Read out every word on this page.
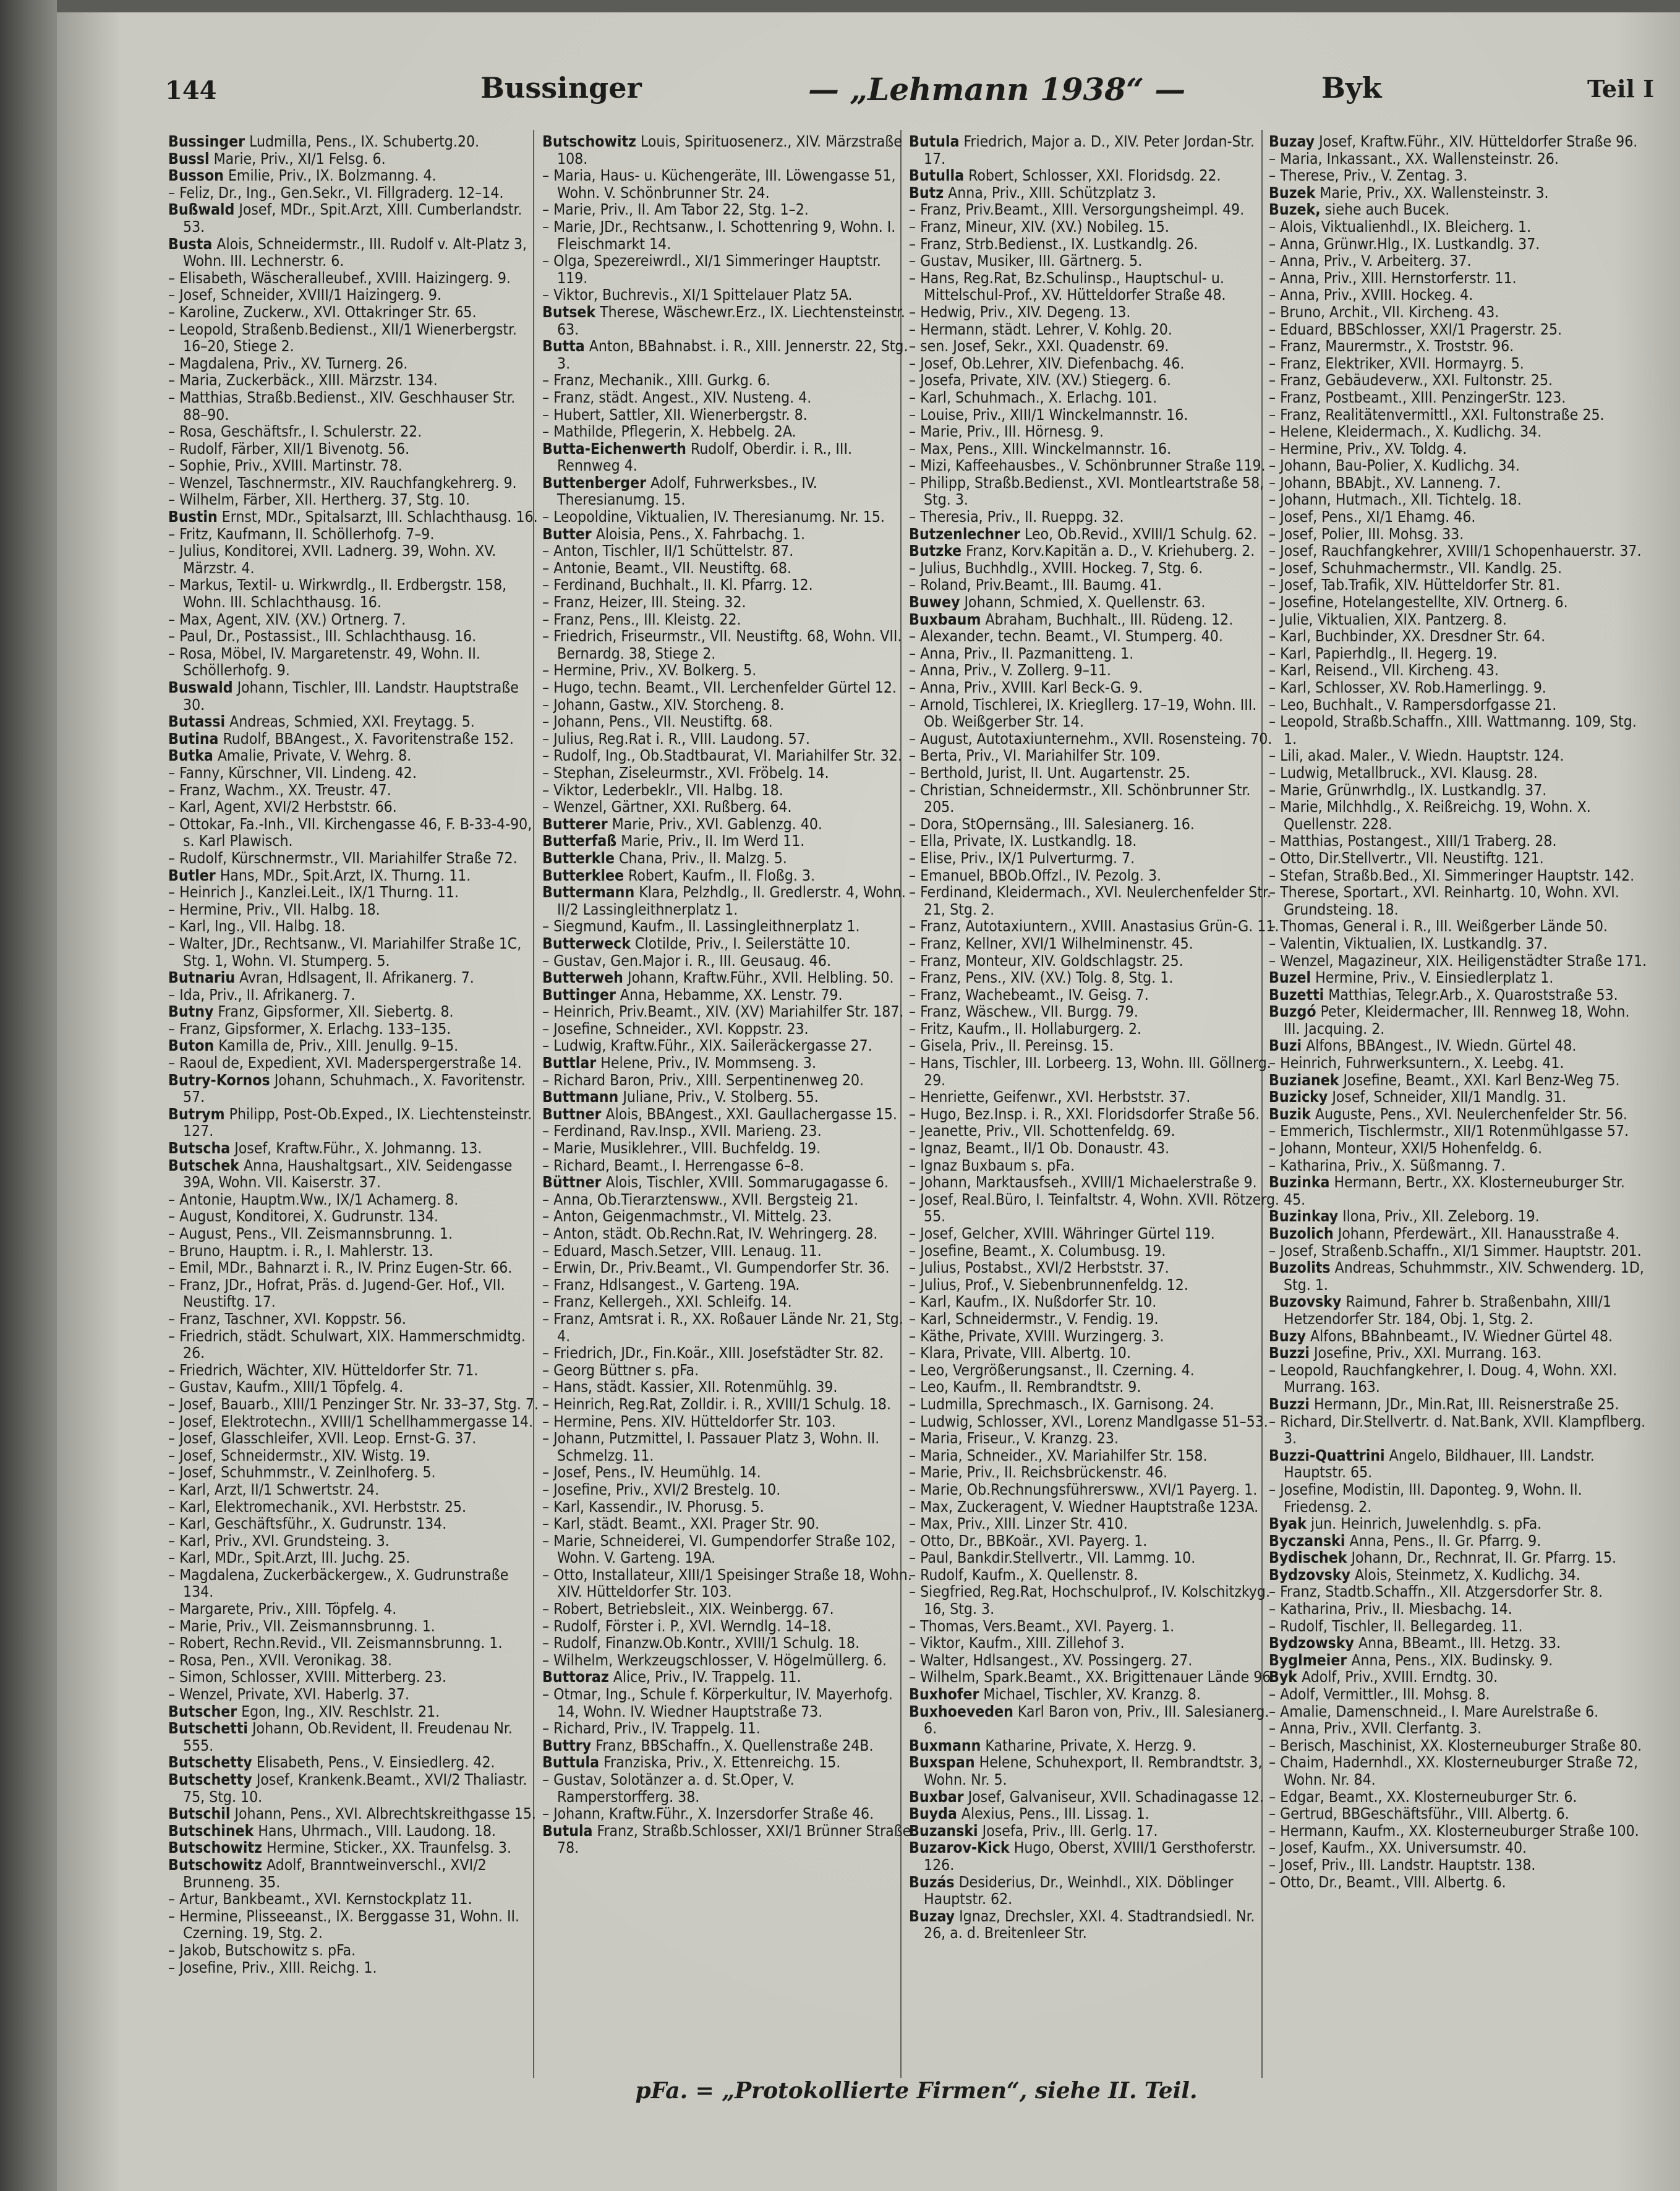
144	Bussinger	— „Lehmann 1938“ —	Byk	Teil I

Bussinger Ludmilla, Pens., IX. Schubertg.20.

Bussl Marie, Priv., XI/1 Felsg. 6.

Busson Emilie, Priv., IX. Bolzmanng. 4.

– Feliz, Dr., Ing., Gen.Sekr., VI. Fillgraderg. 12–14.

Bußwald Josef, MDr., Spit.Arzt, XIII. Cumberlandstr. 53.

Busta Alois, Schneidermstr., III. Rudolf v. Alt-Platz 3, Wohn. III. Lechnerstr. 6.

– Elisabeth, Wäscheralleubef., XVIII. Haizingerg. 9.

– Josef, Schneider, XVIII/1 Haizingerg. 9.

– Karoline, Zuckerw., XVI. Ottakringer Str. 65.

– Leopold, Straßenb.Bedienst., XII/1 Wienerbergstr. 16–20, Stiege 2.

– Magdalena, Priv., XV. Turnerg. 26.

– Maria, Zuckerbäck., XIII. Märzstr. 134.

– Matthias, Straßb.Bedienst., XIV. Geschhauser Str. 88–90.

– Rosa, Geschäftsfr., I. Schulerstr. 22.

– Rudolf, Färber, XII/1 Bivenotg. 56.

– Sophie, Priv., XVIII. Martinstr. 78.

– Wenzel, Taschnermstr., XIV. Rauchfangkehrerg. 9.

– Wilhelm, Färber, XII. Hertherg. 37, Stg. 10.

Bustin Ernst, MDr., Spitalsarzt, III. Schlachthausg. 16.

– Fritz, Kaufmann, II. Schöllerhofg. 7–9.

– Julius, Konditorei, XVII. Ladnerg. 39, Wohn. XV. Märzstr. 4.

– Markus, Textil- u. Wirkwrdlg., II. Erdbergstr. 158, Wohn. III. Schlachthausg. 16.

– Max, Agent, XIV. (XV.) Ortnerg. 7.

– Paul, Dr., Postassist., III. Schlachthausg. 16.

– Rosa, Möbel, IV. Margaretenstr. 49, Wohn. II. Schöllerhofg. 9.

Buswald Johann, Tischler, III. Landstr. Hauptstraße 30.

Butassi Andreas, Schmied, XXI. Freytagg. 5.

Butina Rudolf, BBAngest., X. Favoritenstraße 152.

Butka Amalie, Private, V. Wehrg. 8.

– Fanny, Kürschner, VII. Lindeng. 42.

– Franz, Wachm., XX. Treustr. 47.

– Karl, Agent, XVI/2 Herbststr. 66.

– Ottokar, Fa.-Inh., VII. Kirchengasse 46, F. B-33-4-90, s. Karl Plawisch.

– Rudolf, Kürschnermstr., VII. Mariahilfer Straße 72.

Butler Hans, MDr., Spit.Arzt, IX. Thurng. 11.

– Heinrich J., Kanzlei.Leit., IX/1 Thurng. 11.

– Hermine, Priv., VII. Halbg. 18.

– Karl, Ing., VII. Halbg. 18.

– Walter, JDr., Rechtsanw., VI. Mariahilfer Straße 1C, Stg. 1, Wohn. VI. Stumperg. 5.

Butnariu Avran, Hdlsagent, II. Afrikanerg. 7.

– Ida, Priv., II. Afrikanerg. 7.

Butny Franz, Gipsformer, XII. Siebertg. 8.

– Franz, Gipsformer, X. Erlachg. 133–135.

Buton Kamilla de, Priv., XIII. Jenullg. 9–15.

– Raoul de, Expedient, XVI. Maderspergerstraße 14.

Butry-Kornos Johann, Schuhmach., X. Favoritenstr. 57.

Butrym Philipp, Post-Ob.Exped., IX. Liechtensteinstr. 127.

Butscha Josef, Kraftw.Führ., X. Johmanng. 13.

Butschek Anna, Haushaltgsart., XIV. Seidengasse 39A, Wohn. VII. Kaiserstr. 37.

– Antonie, Hauptm.Ww., IX/1 Achamerg. 8.

– August, Konditorei, X. Gudrunstr. 134.

– August, Pens., VII. Zeismannsbrunng. 1.

– Bruno, Hauptm. i. R., I. Mahlerstr. 13.

– Emil, MDr., Bahnarzt i. R., IV. Prinz Eugen-Str. 66.

– Franz, JDr., Hofrat, Präs. d. Jugend-Ger. Hof., VII. Neustiftg. 17.

– Franz, Taschner, XVI. Koppstr. 56.

– Friedrich, städt. Schulwart, XIX. Hammerschmidtg. 26.

– Friedrich, Wächter, XIV. Hütteldorfer Str. 71.

– Gustav, Kaufm., XIII/1 Töpfelg. 4.

– Josef, Bauarb., XIII/1 Penzinger Str. Nr. 33–37, Stg. 7.

– Josef, Elektrotechn., XVIII/1 Schellhammergasse 14.

– Josef, Glasschleifer, XVII. Leop. Ernst-G. 37.

– Josef, Schneidermstr., XIV. Wistg. 19.

– Josef, Schuhmmstr., V. Zeinlhoferg. 5.

– Karl, Arzt, II/1 Schwertstr. 24.

– Karl, Elektromechanik., XVI. Herbststr. 25.

– Karl, Geschäftsführ., X. Gudrunstr. 134.

– Karl, Priv., XVI. Grundsteing. 3.

– Karl, MDr., Spit.Arzt, III. Juchg. 25.

– Magdalena, Zuckerbäckergew., X. Gudrunstraße 134.

– Margarete, Priv., XIII. Töpfelg. 4.

– Marie, Priv., VII. Zeismannsbrunng. 1.

– Robert, Rechn.Revid., VII. Zeismannsbrunng. 1.

– Rosa, Pen., XVII. Veronikag. 38.

– Simon, Schlosser, XVIII. Mitterberg. 23.

– Wenzel, Private, XVI. Haberlg. 37.

Butscher Egon, Ing., XIV. Reschlstr. 21.

Butschetti Johann, Ob.Revident, II. Freudenau Nr. 555.

Butschetty Elisabeth, Pens., V. Einsiedlerg. 42.

Butschetty Josef, Krankenk.Beamt., XVI/2 Thaliastr. 75, Stg. 10.

Butschil Johann, Pens., XVI. Albrechtskreithgasse 15.

Butschinek Hans, Uhrmach., VIII. Laudong. 18.

Butschowitz Hermine, Sticker., XX. Traunfelsg. 3.

Butschowitz Adolf, Branntweinverschl., XVI/2 Brunneng. 35.

– Artur, Bankbeamt., XVI. Kernstockplatz 11.

– Hermine, Plisseeanst., IX. Berggasse 31, Wohn. II. Czerning. 19, Stg. 2.

– Jakob, Butschowitz s. pFa.

– Josefine, Priv., XIII. Reichg. 1.

Butschowitz Louis, Spirituosenerz., XIV. Märzstraße 108.

– Maria, Haus- u. Küchengeräte, III. Löwengasse 51, Wohn. V. Schönbrunner Str. 24.

– Marie, Priv., II. Am Tabor 22, Stg. 1–2.

– Marie, JDr., Rechtsanw., I. Schottenring 9, Wohn. I. Fleischmarkt 14.

– Olga, Spezereiwrdl., XI/1 Simmeringer Hauptstr. 119.

– Viktor, Buchrevis., XI/1 Spittelauer Platz 5A.

Butsek Therese, Wäschewr.Erz., IX. Liechtensteinstr. 63.

Butta Anton, BBahnabst. i. R., XIII. Jennerstr. 22, Stg. 3.

– Franz, Mechanik., XIII. Gurkg. 6.

– Franz, städt. Angest., XIV. Nusteng. 4.

– Hubert, Sattler, XII. Wienerbergstr. 8.

– Mathilde, Pflegerin, X. Hebbelg. 2A.

Butta-Eichenwerth Rudolf, Oberdir. i. R., III. Rennweg 4.

Buttenberger Adolf, Fuhrwerksbes., IV. Theresianumg. 15.

– Leopoldine, Viktualien, IV. Theresianumg. Nr. 15.

Butter Aloisia, Pens., X. Fahrbachg. 1.

– Anton, Tischler, II/1 Schüttelstr. 87.

– Antonie, Beamt., VII. Neustiftg. 68.

– Ferdinand, Buchhalt., II. Kl. Pfarrg. 12.

– Franz, Heizer, III. Steing. 32.

– Franz, Pens., III. Kleistg. 22.

– Friedrich, Friseurmstr., VII. Neustiftg. 68, Wohn. VII. Bernardg. 38, Stiege 2.

– Hermine, Priv., XV. Bolkerg. 5.

– Hugo, techn. Beamt., VII. Lerchenfelder Gürtel 12.

– Johann, Gastw., XIV. Storcheng. 8.

– Johann, Pens., VII. Neustiftg. 68.

– Julius, Reg.Rat i. R., VIII. Laudong. 57.

– Rudolf, Ing., Ob.Stadtbaurat, VI. Mariahilfer Str. 32.

– Stephan, Ziseleurmstr., XVI. Fröbelg. 14.

– Viktor, Lederbeklr., VII. Halbg. 18.

– Wenzel, Gärtner, XXI. Rußberg. 64.

Butterer Marie, Priv., XVI. Gablenzg. 40.

Butterfaß Marie, Priv., II. Im Werd 11.

Butterkle Chana, Priv., II. Malzg. 5.

Butterklee Robert, Kaufm., II. Floßg. 3.

Buttermann Klara, Pelzhdlg., II. Gredlerstr. 4, Wohn. II/2 Lassingleithnerplatz 1.

– Siegmund, Kaufm., II. Lassingleithnerplatz 1.

Butterweck Clotilde, Priv., I. Seilerstätte 10.

– Gustav, Gen.Major i. R., III. Geusaug. 46.

Butterweh Johann, Kraftw.Führ., XVII. Helbling. 50.

Buttinger Anna, Hebamme, XX. Lenstr. 79.

– Heinrich, Priv.Beamt., XIV. (XV) Mariahilfer Str. 187.

– Josefine, Schneider., XVI. Koppstr. 23.

– Ludwig, Kraftw.Führ., XIX. Saileräckergasse 27.

Buttlar Helene, Priv., IV. Mommseng. 3.

– Richard Baron, Priv., XIII. Serpentinenweg 20.

Buttmann Juliane, Priv., V. Stolberg. 55.

Buttner Alois, BBAngest., XXI. Gaullachergasse 15.

– Ferdinand, Rav.Insp., XVII. Marieng. 23.

– Marie, Musiklehrer., VIII. Buchfeldg. 19.

– Richard, Beamt., I. Herrengasse 6–8.

Büttner Alois, Tischler, XVIII. Sommarugagasse 6.

– Anna, Ob.Tierarztensww., XVII. Bergsteig 21.

– Anton, Geigenmachmstr., VI. Mittelg. 23.

– Anton, städt. Ob.Rechn.Rat, IV. Wehringerg. 28.

– Eduard, Masch.Setzer, VIII. Lenaug. 11.

– Erwin, Dr., Priv.Beamt., VI. Gumpendorfer Str. 36.

– Franz, Hdlsangest., V. Garteng. 19A.

– Franz, Kellergeh., XXI. Schleifg. 14.

– Franz, Amtsrat i. R., XX. Roßauer Lände Nr. 21, Stg. 4.

– Friedrich, JDr., Fin.Koär., XIII. Josefstädter Str. 82.

– Georg Büttner s. pFa.

– Hans, städt. Kassier, XII. Rotenmühlg. 39.

– Heinrich, Reg.Rat, Zolldir. i. R., XVIII/1 Schulg. 18.

– Hermine, Pens. XIV. Hütteldorfer Str. 103.

– Johann, Putzmittel, I. Passauer Platz 3, Wohn. II. Schmelzg. 11.

– Josef, Pens., IV. Heumühlg. 14.

– Josefine, Priv., XVI/2 Brestelg. 10.

– Karl, Kassendir., IV. Phorusg. 5.

– Karl, städt. Beamt., XXI. Prager Str. 90.

– Marie, Schneiderei, VI. Gumpendorfer Straße 102, Wohn. V. Garteng. 19A.

– Otto, Installateur, XIII/1 Speisinger Straße 18, Wohn. XIV. Hütteldorfer Str. 103.

– Robert, Betriebsleit., XIX. Weinbergg. 67.

– Rudolf, Förster i. P., XVI. Werndlg. 14–18.

– Rudolf, Finanzw.Ob.Kontr., XVIII/1 Schulg. 18.

– Wilhelm, Werkzeugschlosser, V. Högelmüllerg. 6.

Buttoraz Alice, Priv., IV. Trappelg. 11.

– Otmar, Ing., Schule f. Körperkultur, IV. Mayerhofg. 14, Wohn. IV. Wiedner Hauptstraße 73.

– Richard, Priv., IV. Trappelg. 11.

Buttry Franz, BBSchaffn., X. Quellenstraße 24B.

Buttula Franziska, Priv., X. Ettenreichg. 15.

– Gustav, Solotänzer a. d. St.Oper, V. Ramperstorfferg. 38.

– Johann, Kraftw.Führ., X. Inzersdorfer Straße 46.

Butula Franz, Straßb.Schlosser, XXI/1 Brünner Straße 78.

Butula Friedrich, Major a. D., XIV. Peter Jordan-Str. 17.

Butulla Robert, Schlosser, XXI. Floridsdg. 22.

Butz Anna, Priv., XIII. Schützplatz 3.

– Franz, Priv.Beamt., XIII. Versorgungsheimpl. 49.

– Franz, Mineur, XIV. (XV.) Nobileg. 15.

– Franz, Strb.Bedienst., IX. Lustkandlg. 26.

– Gustav, Musiker, III. Gärtnerg. 5.

– Hans, Reg.Rat, Bz.Schulinsp., Hauptschul- u. Mittelschul-Prof., XV. Hütteldorfer Straße 48.

– Hedwig, Priv., XIV. Degeng. 13.

– Hermann, städt. Lehrer, V. Kohlg. 20.

– sen. Josef, Sekr., XXI. Quadenstr. 69.

– Josef, Ob.Lehrer, XIV. Diefenbachg. 46.

– Josefa, Private, XIV. (XV.) Stiegerg. 6.

– Karl, Schuhmach., X. Erlachg. 101.

– Louise, Priv., XIII/1 Winckelmannstr. 16.

– Marie, Priv., III. Hörnesg. 9.

– Max, Pens., XIII. Winckelmannstr. 16.

– Mizi, Kaffeehausbes., V. Schönbrunner Straße 119.

– Philipp, Straßb.Bedienst., XVI. Montleartstraße 58, Stg. 3.

– Theresia, Priv., II. Rueppg. 32.

Butzenlechner Leo, Ob.Revid., XVIII/1 Schulg. 62.

Butzke Franz, Korv.Kapitän a. D., V. Kriehuberg. 2.

– Julius, Buchhdlg., XVIII. Hockeg. 7, Stg. 6.

– Roland, Priv.Beamt., III. Baumg. 41.

Buwey Johann, Schmied, X. Quellenstr. 63.

Buxbaum Abraham, Buchhalt., III. Rüdeng. 12.

– Alexander, techn. Beamt., VI. Stumperg. 40.

– Anna, Priv., II. Pazmanitteng. 1.

– Anna, Priv., V. Zollerg. 9–11.

– Anna, Priv., XVIII. Karl Beck-G. 9.

– Arnold, Tischlerei, IX. Kriegllerg. 17–19, Wohn. III. Ob. Weißgerber Str. 14.

– August, Autotaxiunternehm., XVII. Rosensteing. 70.

– Berta, Priv., VI. Mariahilfer Str. 109.

– Berthold, Jurist, II. Unt. Augartenstr. 25.

– Christian, Schneidermstr., XII. Schönbrunner Str. 205.

– Dora, StOpernsäng., III. Salesianerg. 16.

– Ella, Private, IX. Lustkandlg. 18.

– Elise, Priv., IX/1 Pulverturmg. 7.

– Emanuel, BBOb.Offzl., IV. Pezolg. 3.

– Ferdinand, Kleidermach., XVI. Neulerchenfelder Str. 21, Stg. 2.

– Franz, Autotaxiuntern., XVIII. Anastasius Grün-G. 11.

– Franz, Kellner, XVI/1 Wilhelminenstr. 45.

– Franz, Monteur, XIV. Goldschlagstr. 25.

– Franz, Pens., XIV. (XV.) Tolg. 8, Stg. 1.

– Franz, Wachebeamt., IV. Geisg. 7.

– Franz, Wäschew., VII. Burgg. 79.

– Fritz, Kaufm., II. Hollaburgerg. 2.

– Gisela, Priv., II. Pereinsg. 15.

– Hans, Tischler, III. Lorbeerg. 13, Wohn. III. Göllnerg. 29.

– Henriette, Geifenwr., XVI. Herbststr. 37.

– Hugo, Bez.Insp. i. R., XXI. Floridsdorfer Straße 56.

– Jeanette, Priv., VII. Schottenfeldg. 69.

– Ignaz, Beamt., II/1 Ob. Donaustr. 43.

– Ignaz Buxbaum s. pFa.

– Johann, Marktausfseh., XVIII/1 Michaelerstraße 9.

– Josef, Real.Büro, I. Teinfaltstr. 4, Wohn. XVII. Rötzerg. 55.

– Josef, Gelcher, XVIII. Währinger Gürtel 119.

– Josefine, Beamt., X. Columbusg. 19.

– Julius, Postabst., XVI/2 Herbststr. 37.

– Julius, Prof., V. Siebenbrunnenfeldg. 12.

– Karl, Kaufm., IX. Nußdorfer Str. 10.

– Karl, Schneidermstr., V. Fendig. 19.

– Käthe, Private, XVIII. Wurzingerg. 3.

– Klara, Private, VIII. Albertg. 10.

– Leo, Vergrößerungsanst., II. Czerning. 4.

– Leo, Kaufm., II. Rembrandtstr. 9.

– Ludmilla, Sprechmasch., IX. Garnisong. 24.

– Ludwig, Schlosser, XVI., Lorenz Mandlgasse 51–53.

– Maria, Friseur., V. Kranzg. 23.

– Maria, Schneider., XV. Mariahilfer Str. 158.

– Marie, Priv., II. Reichsbrückenstr. 46.

– Marie, Ob.Rechnungsführersww., XVI/1 Payerg. 1.

– Max, Zuckeragent, V. Wiedner Hauptstraße 123A.

– Max, Priv., XIII. Linzer Str. 410.

– Otto, Dr., BBKoär., XVI. Payerg. 1.

– Paul, Bankdir.Stellvertr., VII. Lammg. 10.

– Rudolf, Kaufm., X. Quellenstr. 8.

– Siegfried, Reg.Rat, Hochschulprof., IV. Kolschitzkyg. 16, Stg. 3.

– Thomas, Vers.Beamt., XVI. Payerg. 1.

– Viktor, Kaufm., XIII. Zillehof 3.

– Walter, Hdlsangest., XV. Possingerg. 27.

– Wilhelm, Spark.Beamt., XX. Brigittenauer Lände 96.

Buxhofer Michael, Tischler, XV. Kranzg. 8.

Buxhoeveden Karl Baron von, Priv., III. Salesianerg. 6.

Buxmann Katharine, Private, X. Herzg. 9.

Buxspan Helene, Schuhexport, II. Rembrandtstr. 3, Wohn. Nr. 5.

Buxbar Josef, Galvaniseur, XVII. Schadinagasse 12.

Buyda Alexius, Pens., III. Lissag. 1.

Buzanski Josefa, Priv., III. Gerlg. 17.

Buzarov-Kick Hugo, Oberst, XVIII/1 Gersthoferstr. 126.

Buzás Desiderius, Dr., Weinhdl., XIX. Döblinger Hauptstr. 62.

Buzay Ignaz, Drechsler, XXI. 4. Stadtrandsiedl. Nr. 26, a. d. Breitenleer Str.

Buzay Josef, Kraftw.Führ., XIV. Hütteldorfer Straße 96.

– Maria, Inkassant., XX. Wallensteinstr. 26.

– Therese, Priv., V. Zentag. 3.

Buzek Marie, Priv., XX. Wallensteinstr. 3.

Buzek, siehe auch Bucek.

– Alois, Viktualienhdl., IX. Bleicherg. 1.

– Anna, Grünwr.Hlg., IX. Lustkandlg. 37.

– Anna, Priv., V. Arbeiterg. 37.

– Anna, Priv., XIII. Hernstorferstr. 11.

– Anna, Priv., XVIII. Hockeg. 4.

– Bruno, Archit., VII. Kircheng. 43.

– Eduard, BBSchlosser, XXI/1 Pragerstr. 25.

– Franz, Maurermstr., X. Troststr. 96.

– Franz, Elektriker, XVII. Hormayrg. 5.

– Franz, Gebäudeverw., XXI. Fultonstr. 25.

– Franz, Postbeamt., XIII. PenzingerStr. 123.

– Franz, Realitätenvermittl., XXI. Fultonstraße 25.

– Helene, Kleidermach., X. Kudlichg. 34.

– Hermine, Priv., XV. Toldg. 4.

– Johann, Bau-Polier, X. Kudlichg. 34.

– Johann, BBAbjt., XV. Lanneng. 7.

– Johann, Hutmach., XII. Tichtelg. 18.

– Josef, Pens., XI/1 Ehamg. 46.

– Josef, Polier, III. Mohsg. 33.

– Josef, Rauchfangkehrer, XVIII/1 Schopenhauerstr. 37.

– Josef, Schuhmachermstr., VII. Kandlg. 25.

– Josef, Tab.Trafik, XIV. Hütteldorfer Str. 81.

– Josefine, Hotelangestellte, XIV. Ortnerg. 6.

– Julie, Viktualien, XIX. Pantzerg. 8.

– Karl, Buchbinder, XX. Dresdner Str. 64.

– Karl, Papierhdlg., II. Hegerg. 19.

– Karl, Reisend., VII. Kircheng. 43.

– Karl, Schlosser, XV. Rob.Hamerlingg. 9.

– Leo, Buchhalt., V. Rampersdorfgasse 21.

– Leopold, Straßb.Schaffn., XIII. Wattmanng. 109, Stg. 1.

– Lili, akad. Maler., V. Wiedn. Hauptstr. 124.

– Ludwig, Metallbruck., XVI. Klausg. 28.

– Marie, Grünwrhdlg., IX. Lustkandlg. 37.

– Marie, Milchhdlg., X. Reißreichg. 19, Wohn. X. Quellenstr. 228.

– Matthias, Postangest., XIII/1 Traberg. 28.

– Otto, Dir.Stellvertr., VII. Neustiftg. 121.

– Stefan, Straßb.Bed., XI. Simmeringer Hauptstr. 142.

– Therese, Sportart., XVI. Reinhartg. 10, Wohn. XVI. Grundsteing. 18.

– Thomas, General i. R., III. Weißgerber Lände 50.

– Valentin, Viktualien, IX. Lustkandlg. 37.

– Wenzel, Magazineur, XIX. Heiligenstädter Straße 171.

Buzel Hermine, Priv., V. Einsiedlerplatz 1.

Buzetti Matthias, Telegr.Arb., X. Quaroststraße 53.

Buzgó Peter, Kleidermacher, III. Rennweg 18, Wohn. III. Jacquing. 2.

Buzi Alfons, BBAngest., IV. Wiedn. Gürtel 48.

– Heinrich, Fuhrwerksuntern., X. Leebg. 41.

Buzianek Josefine, Beamt., XXI. Karl Benz-Weg 75.

Buzicky Josef, Schneider, XII/1 Mandlg. 31.

Buzik Auguste, Pens., XVI. Neulerchenfelder Str. 56.

– Emmerich, Tischlermstr., XII/1 Rotenmühlgasse 57.

– Johann, Monteur, XXI/5 Hohenfeldg. 6.

– Katharina, Priv., X. Süßmanng. 7.

Buzinka Hermann, Bertr., XX. Klosterneuburger Str. 45.

Buzinkay Ilona, Priv., XII. Zeleborg. 19.

Buzolich Johann, Pferdewärt., XII. Hanausstraße 4.

– Josef, Straßenb.Schaffn., XI/1 Simmer. Hauptstr. 201.

Buzolits Andreas, Schuhmmstr., XIV. Schwenderg. 1D, Stg. 1.

Buzovsky Raimund, Fahrer b. Straßenbahn, XIII/1 Hetzendorfer Str. 184, Obj. 1, Stg. 2.

Buzy Alfons, BBahnbeamt., IV. Wiedner Gürtel 48.

Buzzi Josefine, Priv., XXI. Murrang. 163.

– Leopold, Rauchfangkehrer, I. Doug. 4, Wohn. XXI. Murrang. 163.

Buzzi Hermann, JDr., Min.Rat, III. Reisnerstraße 25.

– Richard, Dir.Stellvertr. d. Nat.Bank, XVII. Klampflberg. 3.

Buzzi-Quattrini Angelo, Bildhauer, III. Landstr. Hauptstr. 65.

– Josefine, Modistin, III. Daponteg. 9, Wohn. II. Friedensg. 2.

Byak jun. Heinrich, Juwelenhdlg. s. pFa.

Byczanski Anna, Pens., II. Gr. Pfarrg. 9.

Bydischek Johann, Dr., Rechnrat, II. Gr. Pfarrg. 15.

Bydzovsky Alois, Steinmetz, X. Kudlichg. 34.

– Franz, Stadtb.Schaffn., XII. Atzgersdorfer Str. 8.

– Katharina, Priv., II. Miesbachg. 14.

– Rudolf, Tischler, II. Bellegardeg. 11.

Bydzowsky Anna, BBeamt., III. Hetzg. 33.

Byglmeier Anna, Pens., XIX. Budinsky. 9.

Byk Adolf, Priv., XVIII. Erndtg. 30.

– Adolf, Vermittler., III. Mohsg. 8.

– Amalie, Damenschneid., I. Mare Aurelstraße 6.

– Anna, Priv., XVII. Clerfantg. 3.

– Berisch, Maschinist, XX. Klosterneuburger Straße 80.

– Chaim, Hadernhdl., XX. Klosterneuburger Straße 72, Wohn. Nr. 84.

– Edgar, Beamt., XX. Klosterneuburger Str. 6.

– Gertrud, BBGeschäftsführ., VIII. Albertg. 6.

– Hermann, Kaufm., XX. Klosterneuburger Straße 100.

– Josef, Kaufm., XX. Universumstr. 40.

– Josef, Priv., III. Landstr. Hauptstr. 138.

– Otto, Dr., Beamt., VIII. Albertg. 6.

pFa. = „Protokollierte Firmen“, siehe II. Teil.
